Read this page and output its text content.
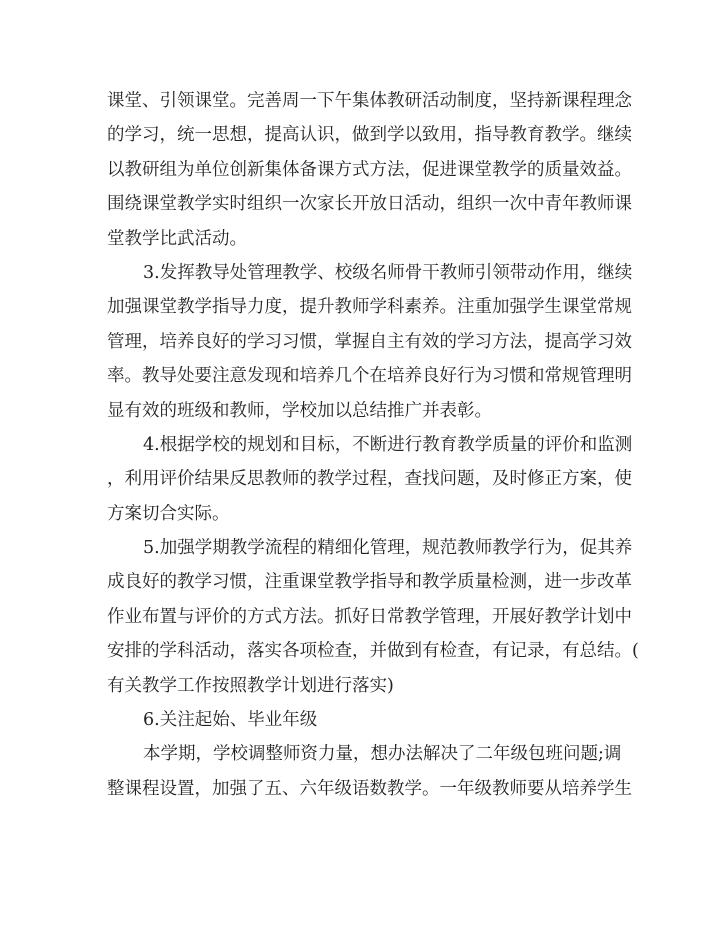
课堂、引领课堂。完善周一下午集体教研活动制度，坚持新课程理念
的学习，统一思想，提高认识，做到学以致用，指导教育教学。继续
以教研组为单位创新集体备课方式方法，促进课堂教学的质量效益。
围绕课堂教学实时组织一次家长开放日活动，组织一次中青年教师课
堂教学比武活动。
3.发挥教导处管理教学、校级名师骨干教师引领带动作用，继续
加强课堂教学指导力度，提升教师学科素养。注重加强学生课堂常规
管理，培养良好的学习习惯，掌握自主有效的学习方法，提高学习效
率。教导处要注意发现和培养几个在培养良好行为习惯和常规管理明
显有效的班级和教师，学校加以总结推广并表彰。
4.根据学校的规划和目标，不断进行教育教学质量的评价和监测
，利用评价结果反思教师的教学过程，查找问题，及时修正方案，使
方案切合实际。
5.加强学期教学流程的精细化管理，规范教师教学行为，促其养
成良好的教学习惯，注重课堂教学指导和教学质量检测，进一步改革
作业布置与评价的方式方法。抓好日常教学管理，开展好教学计划中
安排的学科活动，落实各项检查，并做到有检查，有记录，有总结。(
有关教学工作按照教学计划进行落实)
6.关注起始、毕业年级
本学期，学校调整师资力量，想办法解决了二年级包班问题;调
整课程设置，加强了五、六年级语数教学。一年级教师要从培养学生
